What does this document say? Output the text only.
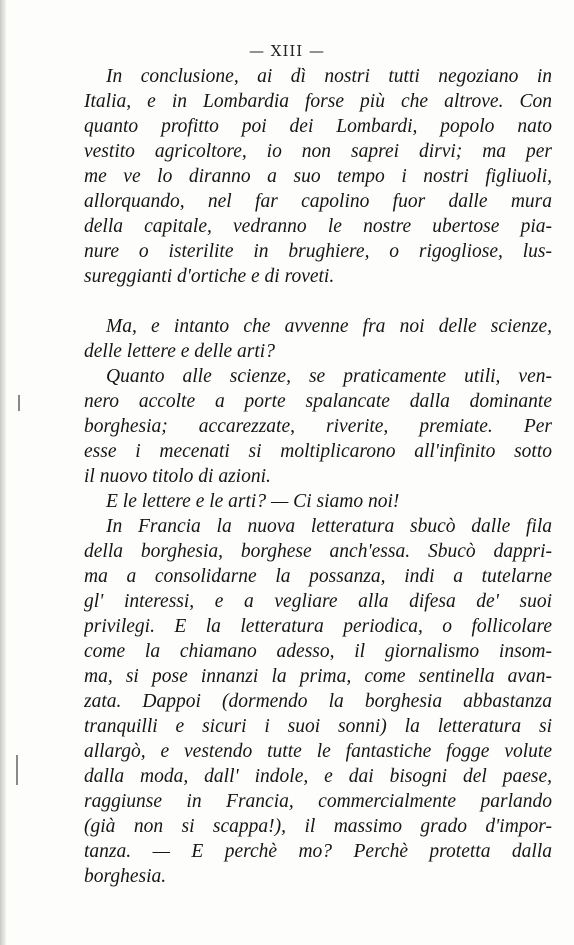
— XIII —
In conclusione, ai dì nostri tutti negoziano in
Italia, e in Lombardia forse più che altrove. Con
quanto profitto poi dei Lombardi, popolo nato
vestito agricoltore, io non saprei dirvi; ma per
me ve lo diranno a suo tempo i nostri figliuoli,
allorquando, nel far capolino fuor dalle mura
della capitale, vedranno le nostre ubertose pia-
nure o isterilite in brughiere, o rigogliose, lus-
sureggianti d'ortiche e di roveti.
Ma, e intanto che avvenne fra noi delle scienze,
delle lettere e delle arti?
Quanto alle scienze, se praticamente utili, ven-
nero accolte a porte spalancate dalla dominante
borghesia; accarezzate, riverite, premiate. Per
esse i mecenati si moltiplicarono all'infinito sotto
il nuovo titolo di azioni.
E le lettere e le arti? — Ci siamo noi!
In Francia la nuova letteratura sbucò dalle fila
della borghesia, borghese anch'essa. Sbucò dappri-
ma a consolidarne la possanza, indi a tutelarne
gl' interessi, e a vegliare alla difesa de' suoi
privilegi. E la letteratura periodica, o follicolare
come la chiamano adesso, il giornalismo insom-
ma, si pose innanzi la prima, come sentinella avan-
zata. Dappoi (dormendo la borghesia abbastanza
tranquilli e sicuri i suoi sonni) la letteratura si
allargò, e vestendo tutte le fantastiche fogge volute
dalla moda, dall' indole, e dai bisogni del paese,
raggiunse in Francia, commercialmente parlando
(già non si scappa!), il massimo grado d'impor-
tanza. — E perchè mo? Perchè protetta dalla
borghesia.
